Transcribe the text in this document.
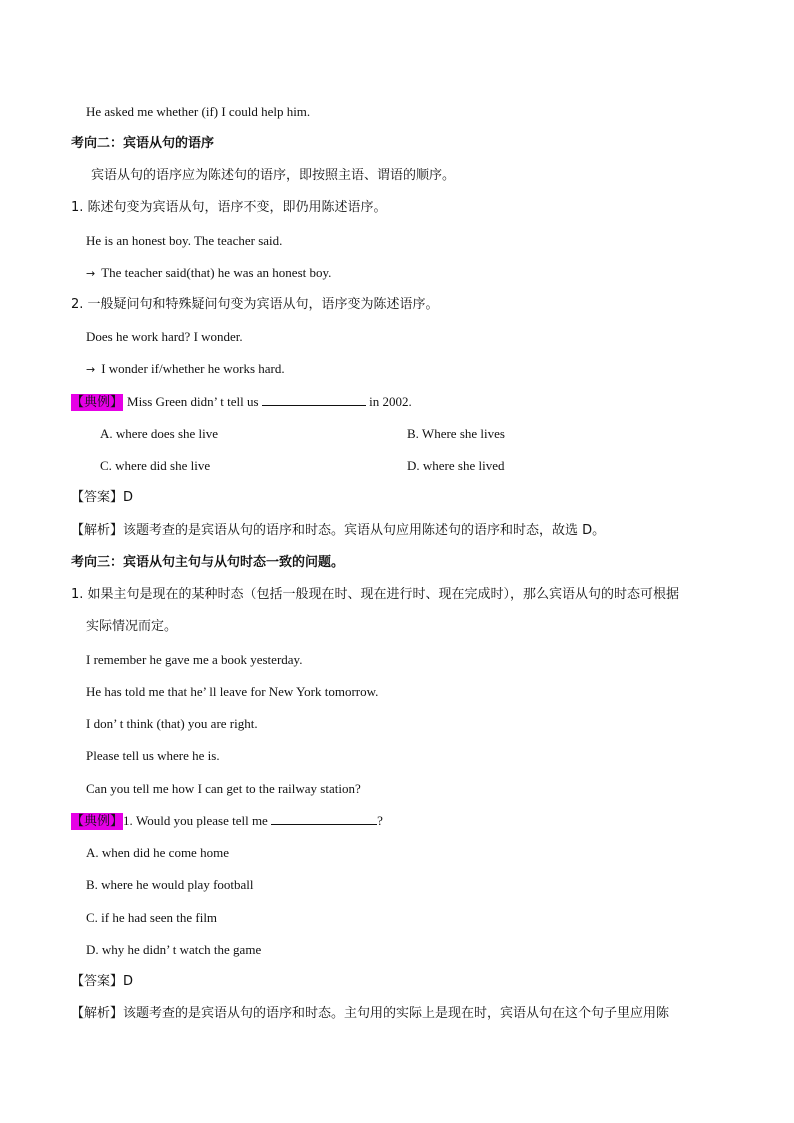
He asked me whether (if) I could help him.
考向二：宾语从句的语序
宾语从句的语序应为陈述句的语序，即按照主语、谓语的顺序。
1. 陈述句变为宾语从句，语序不变，即仍用陈述语序。
He is an honest boy. The teacher said.
→ The teacher said(that) he was an honest boy.
2. 一般疑问句和特殊疑问句变为宾语从句，语序变为陈述语序。
Does he work hard? I wonder.
→ I wonder if/whether he works hard.
【典例】 Miss Green didn’ t tell us	in 2002.
A. where does she live	B. Where she lives
C. where did she live	D. where she lived
【答案】D
【解析】该题考查的是宾语从句的语序和时态。宾语从句应用陈述句的语序和时态，故选 D。
考向三：宾语从句主句与从句时态一致的问题。
1. 如果主句是现在的某种时态（包括一般现在时、现在进行时、现在完成时），那么宾语从句的时态可根据
实际情况而定。
I remember he gave me a book yesterday.
He has told me that he’ ll leave for New York tomorrow.
I don’ t think (that) you are right.
Please tell us where he is.
Can you tell me how I can get to the railway station?
【典例】1. Would you please tell me	?
A. when did he come home
B. where he would play football
C. if he had seen the film
D. why he didn’ t watch the game
【答案】D
【解析】该题考查的是宾语从句的语序和时态。主句用的实际上是现在时，宾语从句在这个句子里应用陈
